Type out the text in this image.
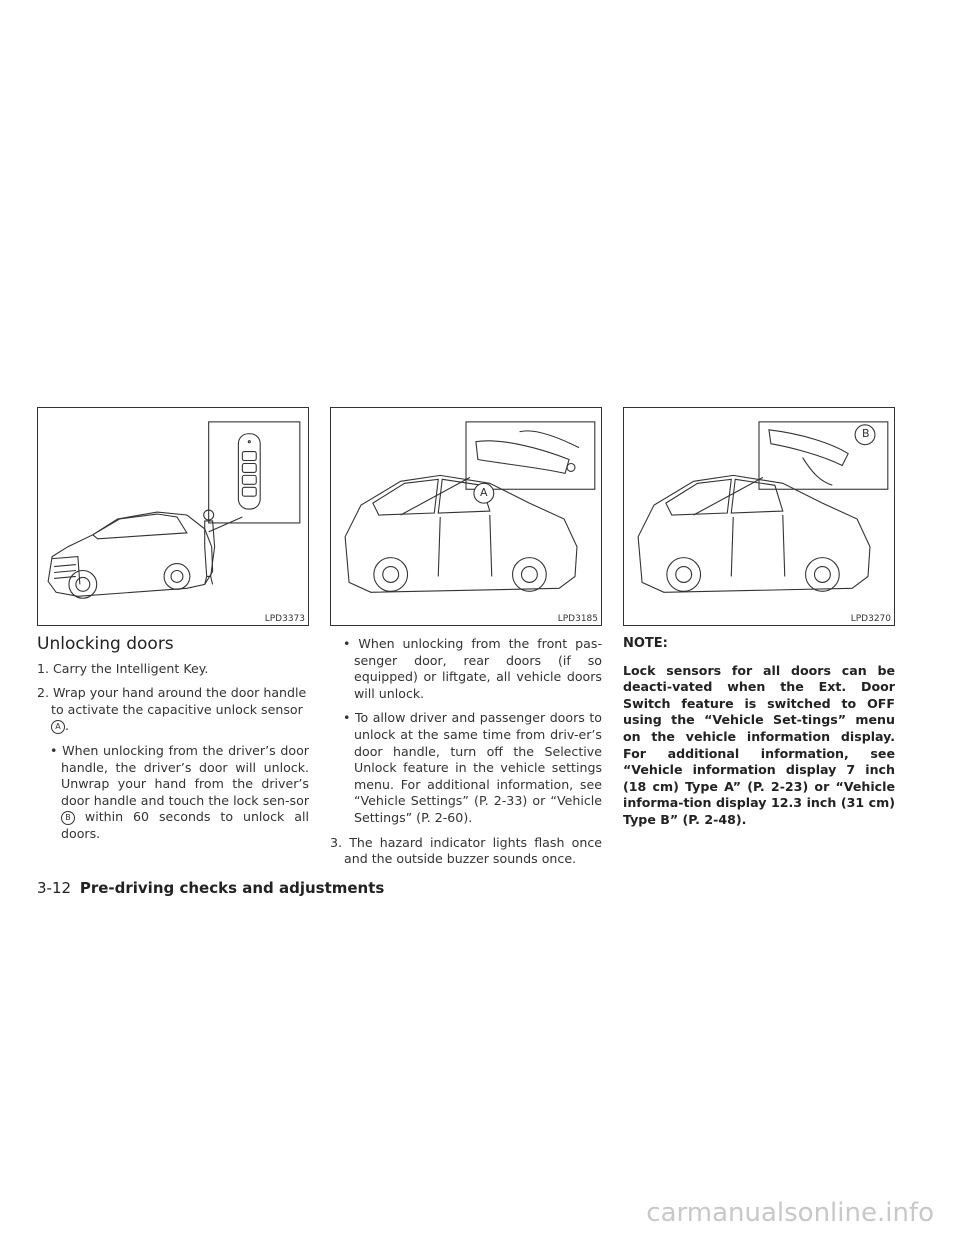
LPD3373
A
LPD3185
B
LPD3270
Unlocking doors

1. Carry the Intelligent Key.

2. Wrap your hand around the door handle to activate the capacitive unlock sensor A .

• When unlocking from the driver’s door handle, the driver’s door will unlock. Unwrap your hand from the driver’s door handle and touch the lock sen-sor B within 60 seconds to unlock all doors.

• When unlocking from the front pas-senger door, rear doors (if so equipped) or liftgate, all vehicle doors will unlock.

• To allow driver and passenger doors to unlock at the same time from driv-er’s door handle, turn off the Selective Unlock feature in the vehicle settings menu. For additional information, see “Vehicle Settings” (P. 2-33) or “Vehicle Settings” (P. 2-60).

3. The hazard indicator lights flash once and the outside buzzer sounds once.

NOTE:
Lock sensors for all doors can be deacti-vated when the Ext. Door Switch feature is switched to OFF using the “Vehicle Set-tings” menu on the vehicle information display. For additional information, see “Vehicle information display 7 inch (18 cm) Type A” (P. 2-23) or “Vehicle informa-tion display 12.3 inch (31 cm) Type B” (P. 2-48).
3-12 Pre-driving checks and adjustments
carmanualsonline.info
